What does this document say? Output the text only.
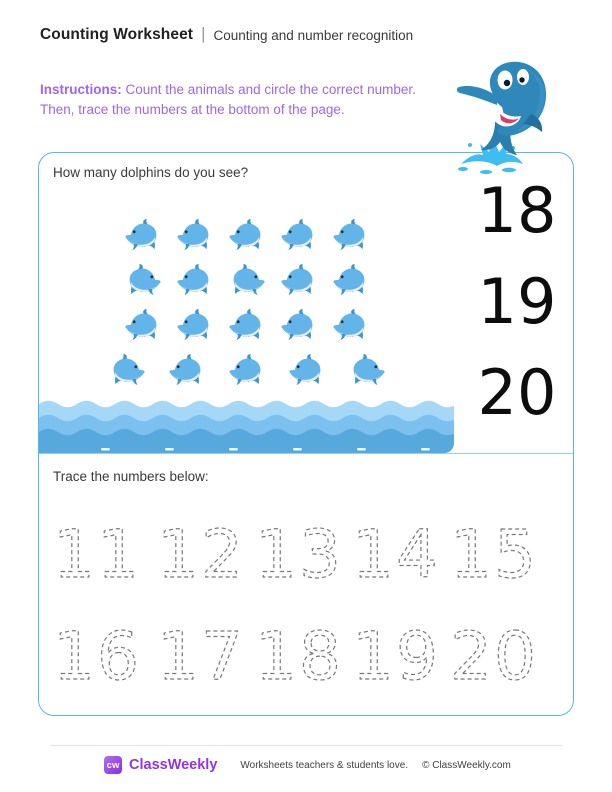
Counting Worksheet | Counting and number recognition
Instructions: Count the animals and circle the correct number. Then, trace the numbers at the bottom of the page.
How many dolphins do you see?
18
19
20
Trace the numbers below:
11 12 13 14 15
16 17 18 19 20
cw ClassWeekly Worksheets teachers & students love. © ClassWeekly.com
